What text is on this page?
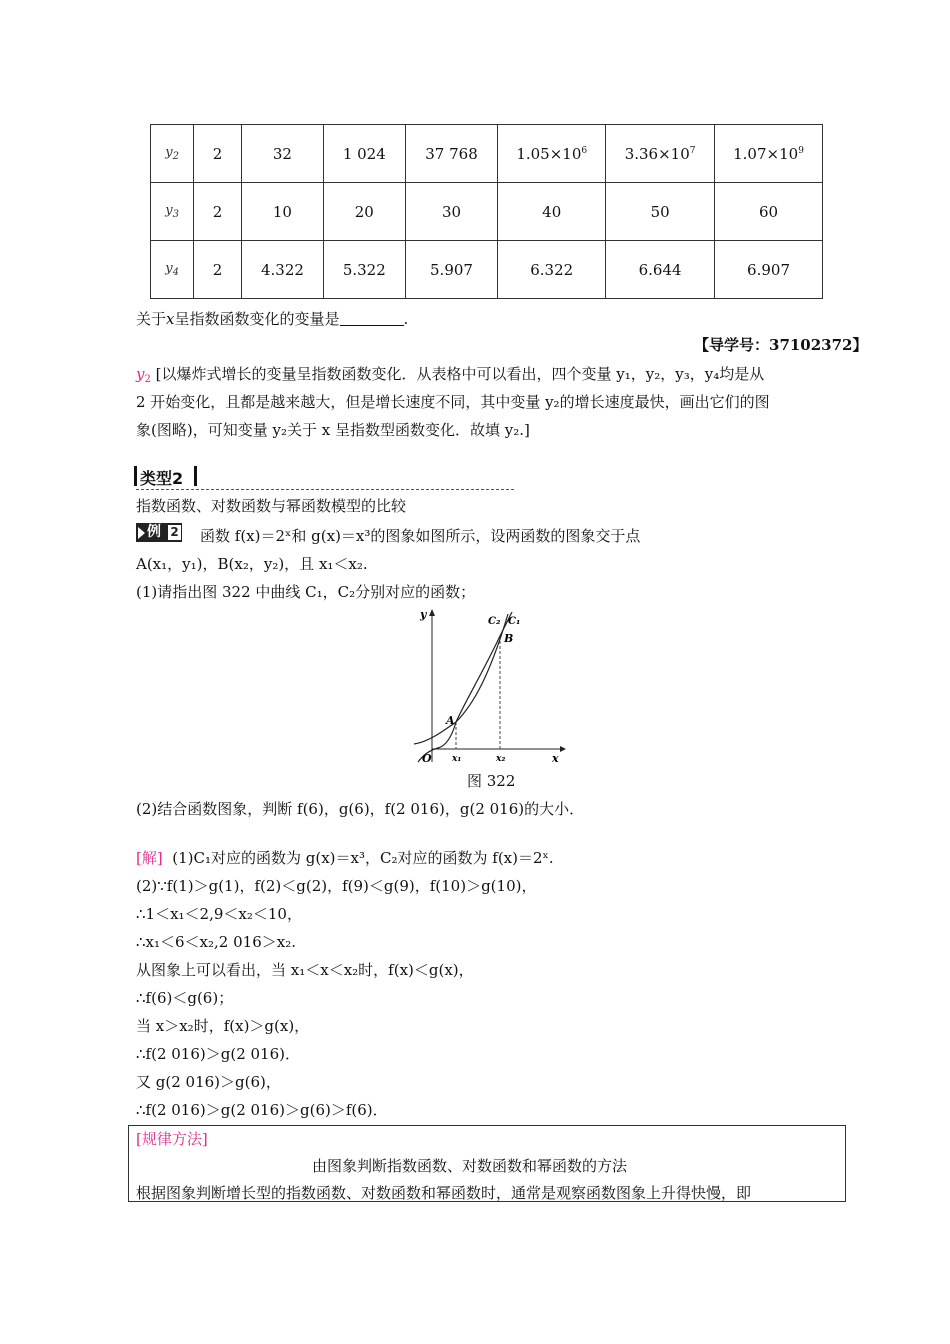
$y_2$	2	32	1 024	37 768	$1.05\times 10^6$	$3.36\times 10^7$	$1.07\times 10^9$
$y_3$	2	10	20	30	40	50	60
$y_4$	2	4.322	5.322	5.907	6.322	6.644	6.907
关于x呈指数函数变化的变量是	.
【导学号：37102372】
$y_2$ [以爆炸式增长的变量呈指数函数变化．从表格中可以看出，四个变量 y₁，y₂，y₃，y₄均是从
2 开始变化，且都是越来越大，但是增长速度不同，其中变量 y₂的增长速度最快，画出它们的图
象(图略)，可知变量 y₂关于 x 呈指数型函数变化．故填 y₂.]
类型2
指数函数、对数函数与幂函数模型的比较
例 2 函数 f(x)＝2ˣ和 g(x)＝x³的图象如图所示，设两函数的图象交于点
A(x₁，y₁)，B(x₂，y₂)，且 x₁＜x₂.
(1)请指出图 322 中曲线 C₁，C₂分别对应的函数；
y
x
O
A
B
C₂ C₁
x₁	x₂
图 322
(2)结合函数图象，判断 f(6)，g(6)，f(2 016)，g(2 016)的大小．
[解] (1)C₁对应的函数为 g(x)＝x³，C₂对应的函数为 f(x)＝2ˣ.
(2)∵f(1)＞g(1)，f(2)＜g(2)，f(9)＜g(9)，f(10)＞g(10)，
∴1＜x₁＜2,9＜x₂＜10，
∴x₁＜6＜x₂,2 016＞x₂.
从图象上可以看出，当 x₁＜x＜x₂时，f(x)＜g(x)，
∴f(6)＜g(6)；
当 x＞x₂时，f(x)＞g(x)，
∴f(2 016)＞g(2 016)．
又 g(2 016)＞g(6)，
∴f(2 016)＞g(2 016)＞g(6)＞f(6)．
[规律方法]
由图象判断指数函数、对数函数和幂函数的方法
根据图象判断增长型的指数函数、对数函数和幂函数时，通常是观察函数图象上升得快慢，即
